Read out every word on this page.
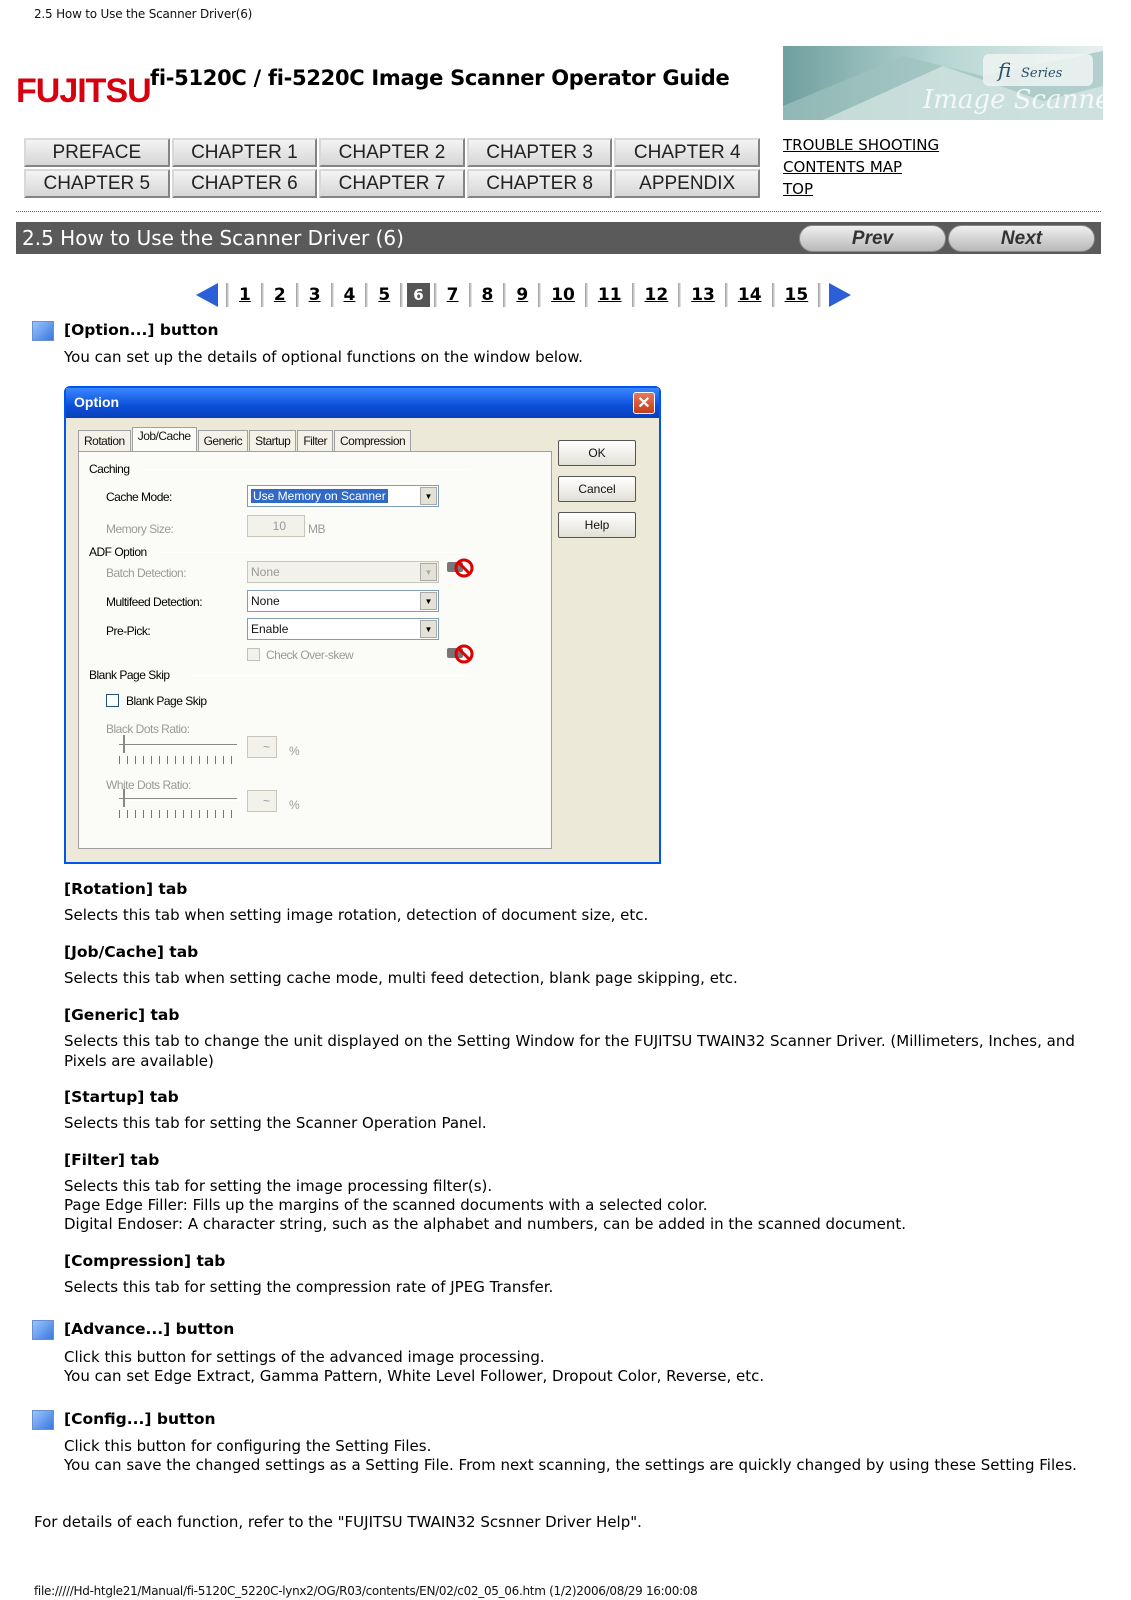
2.5 How to Use the Scanner Driver(6)
FUJITSU fi-5120C / fi-5220C Image Scanner Operator Guide	fi Series
Image Scanner
PREFACE	CHAPTER 1	CHAPTER 2	CHAPTER 3	CHAPTER 4
CHAPTER 5	CHAPTER 6	CHAPTER 7	CHAPTER 8	APPENDIX
TROUBLE SHOOTING
CONTENTS MAP
TOP
2.5 How to Use the Scanner Driver (6)	Prev	Next
1	2	3	4	5	6	7	8	9	10	11	12	13	14	15
[Option...] button
You can set up the details of optional functions on the window below.
Option	✕
Rotation	Job/Cache	Generic	Startup	Filter	Compression
Caching
Cache Mode:	Use Memory on Scanner	▼
Memory Size:	10	MB
ADF Option
Batch Detection:	None	▼
Multifeed Detection:	None	▼
Pre-Pick:	Enable	▼
Check Over-skew
Blank Page Skip
Blank Page Skip
Black Dots Ratio:
~	%
White Dots Ratio:
~	%
OK
Cancel
Help
[Rotation] tab
Selects this tab when setting image rotation, detection of document size, etc.
[Job/Cache] tab
Selects this tab when setting cache mode, multi feed detection, blank page skipping, etc.
[Generic] tab
Selects this tab to change the unit displayed on the Setting Window for the FUJITSU TWAIN32 Scanner Driver. (Millimeters, Inches, and Pixels are available)
[Startup] tab
Selects this tab for setting the Scanner Operation Panel.
[Filter] tab
Selects this tab for setting the image processing filter(s).
Page Edge Filler: Fills up the margins of the scanned documents with a selected color.
Digital Endoser: A character string, such as the alphabet and numbers, can be added in the scanned document.
[Compression] tab
Selects this tab for setting the compression rate of JPEG Transfer.
[Advance...] button
Click this button for settings of the advanced image processing.
You can set Edge Extract, Gamma Pattern, White Level Follower, Dropout Color, Reverse, etc.
[Config...] button
Click this button for configuring the Setting Files.
You can save the changed settings as a Setting File. From next scanning, the settings are quickly changed by using these Setting Files.
For details of each function, refer to the "FUJITSU TWAIN32 Scsnner Driver Help".
file://///Hd-htgle21/Manual/fi-5120C_5220C-lynx2/OG/R03/contents/EN/02/c02_05_06.htm (1/2)2006/08/29 16:00:08
